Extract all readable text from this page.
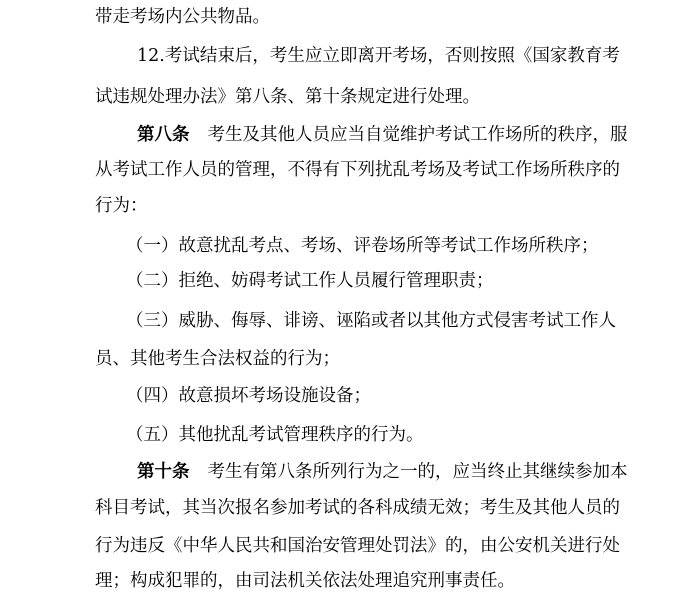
带走考场内公共物品。
12.考试结束后，考生应立即离开考场，否则按照《国家教育考
试违规处理办法》第八条、第十条规定进行处理。
第八条 考生及其他人员应当自觉维护考试工作场所的秩序，服
从考试工作人员的管理，不得有下列扰乱考场及考试工作场所秩序的
行为：
（一）故意扰乱考点、考场、评卷场所等考试工作场所秩序；
（二）拒绝、妨碍考试工作人员履行管理职责；
（三）威胁、侮辱、诽谤、诬陷或者以其他方式侵害考试工作人
员、其他考生合法权益的行为；
（四）故意损坏考场设施设备；
（五）其他扰乱考试管理秩序的行为。
第十条 考生有第八条所列行为之一的，应当终止其继续参加本
科目考试，其当次报名参加考试的各科成绩无效；考生及其他人员的
行为违反《中华人民共和国治安管理处罚法》的，由公安机关进行处
理；构成犯罪的，由司法机关依法处理追究刑事责任。
